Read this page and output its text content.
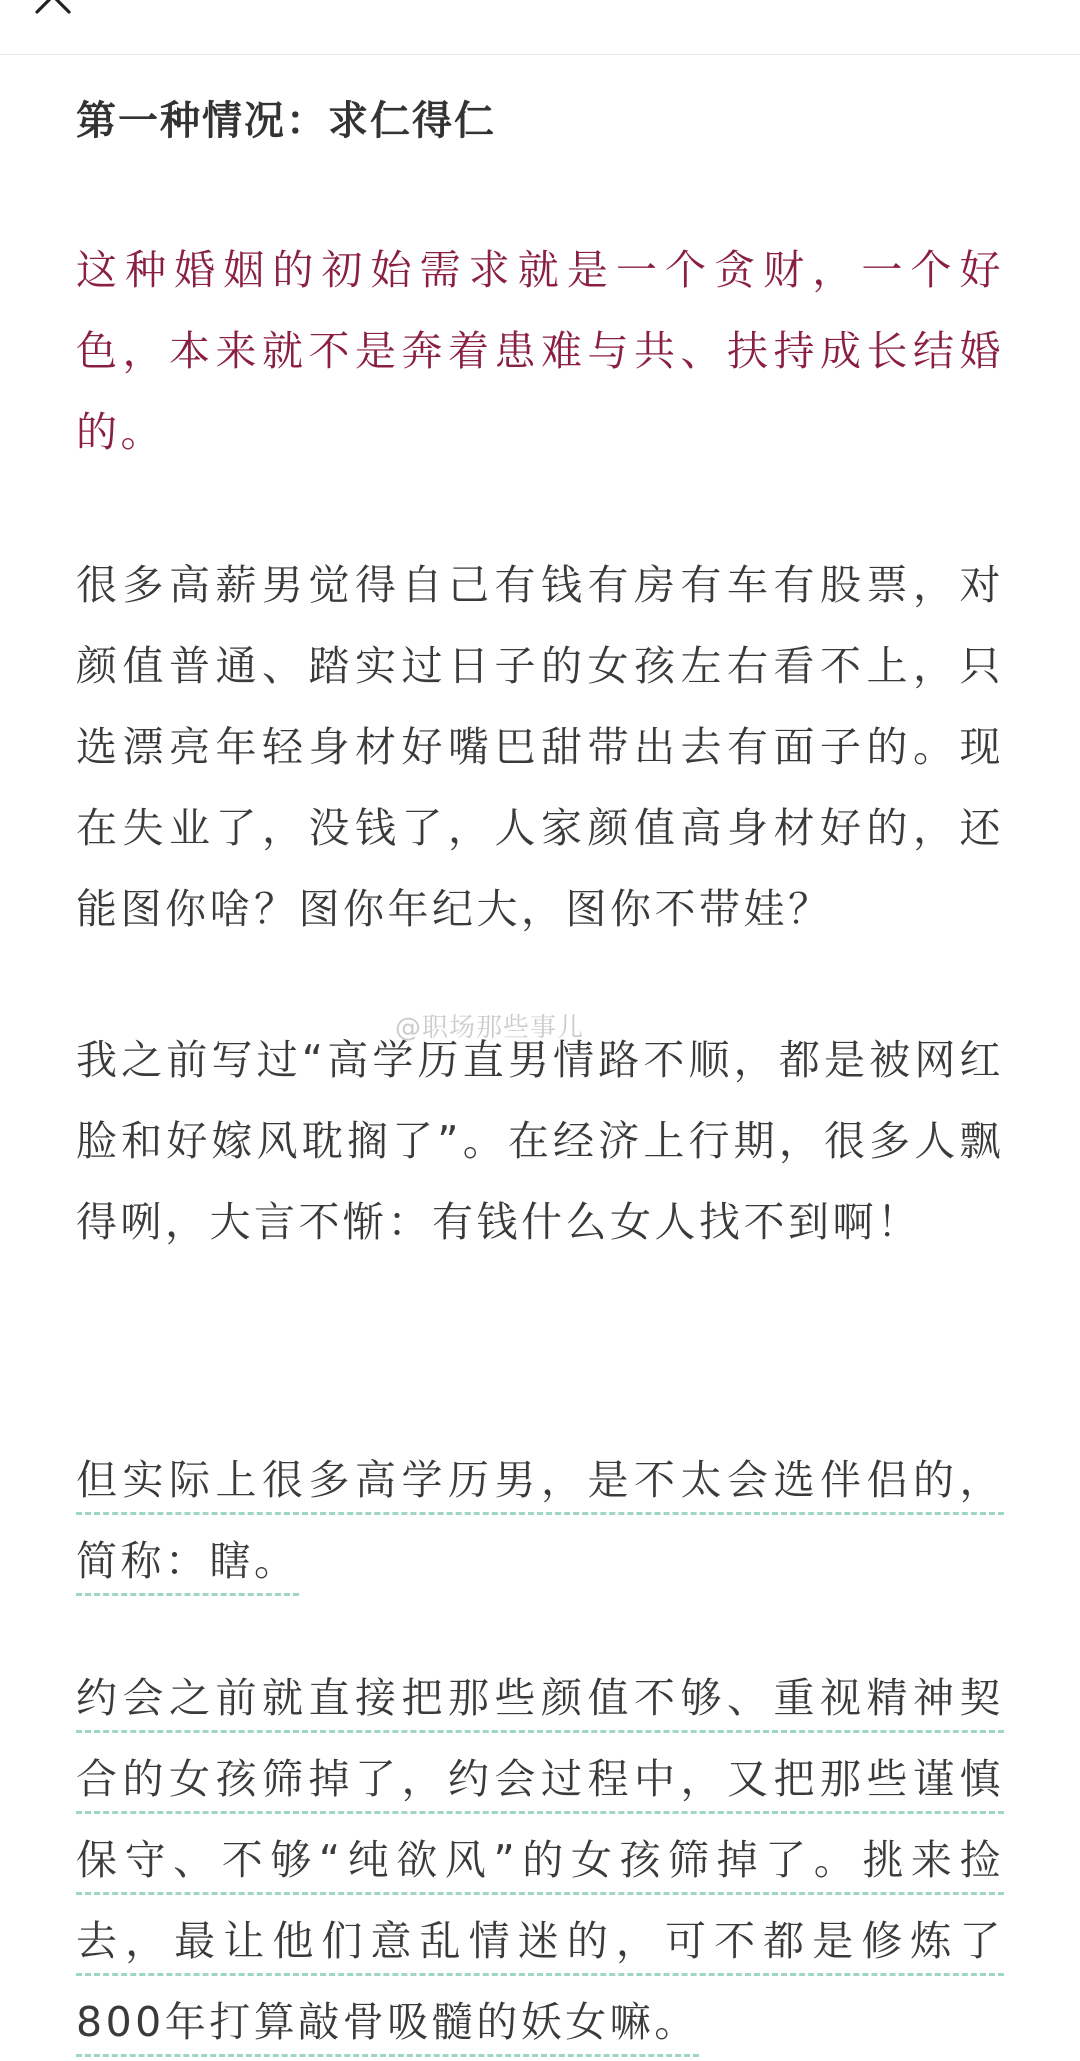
第一种情况：求仁得仁

这种婚姻的初始需求就是一个贪财，一个好色，本来就不是奔着患难与共、扶持成长结婚的。

很多高薪男觉得自己有钱有房有车有股票，对颜值普通、踏实过日子的女孩左右看不上，只选漂亮年轻身材好嘴巴甜带出去有面子的。现在失业了，没钱了，人家颜值高身材好的，还能图你啥？图你年纪大，图你不带娃？

我之前写过“高学历直男情路不顺，都是被网红脸和好嫁风耽搁了”。在经济上行期，很多人飘得咧，大言不惭：有钱什么女人找不到啊！

但实际上很多高学历男，是不太会选伴侣的，简称：瞎。

约会之前就直接把那些颜值不够、重视精神契合的女孩筛掉了，约会过程中，又把那些谨慎保守、不够“纯欲风”的女孩筛掉了。挑来捡去，最让他们意乱情迷的，可不都是修炼了800年打算敲骨吸髓的妖女嘛。

@职场那些事儿
